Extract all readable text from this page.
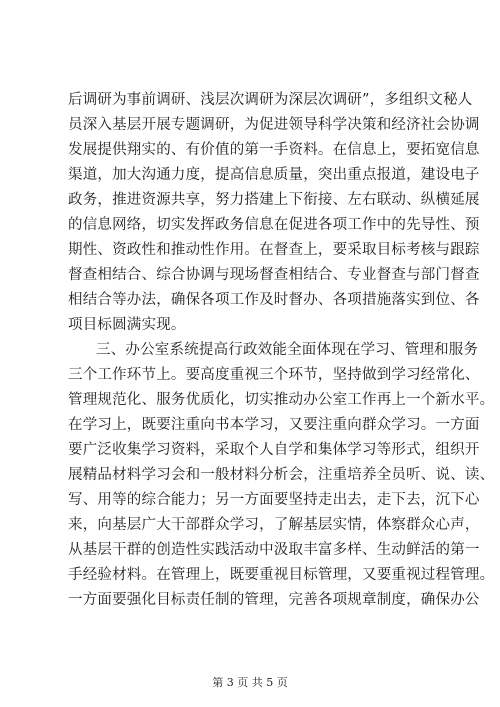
后调研为事前调研、浅层次调研为深层次调研”，多组织文秘人
员深入基层开展专题调研，为促进领导科学决策和经济社会协调
发展提供翔实的、有价值的第一手资料。在信息上，要拓宽信息
渠道，加大沟通力度，提高信息质量，突出重点报道，建设电子
政务，推进资源共享，努力搭建上下衔接、左右联动、纵横延展
的信息网络，切实发挥政务信息在促进各项工作中的先导性、预
期性、资政性和推动性作用。在督查上，要采取目标考核与跟踪
督查相结合、综合协调与现场督查相结合、专业督查与部门督查
相结合等办法，确保各项工作及时督办、各项措施落实到位、各
项目标圆满实现。
三、办公室系统提高行政效能全面体现在学习、管理和服务
三个工作环节上。要高度重视三个环节，坚持做到学习经常化、
管理规范化、服务优质化，切实推动办公室工作再上一个新水平。
在学习上，既要注重向书本学习，又要注重向群众学习。一方面
要广泛收集学习资料，采取个人自学和集体学习等形式，组织开
展精品材料学习会和一般材料分析会，注重培养全员听、说、读、
写、用等的综合能力；另一方面要坚持走出去，走下去，沉下心
来，向基层广大干部群众学习，了解基层实情，体察群众心声，
从基层干群的创造性实践活动中汲取丰富多样、生动鲜活的第一
手经验材料。在管理上，既要重视目标管理，又要重视过程管理。
一方面要强化目标责任制的管理，完善各项规章制度，确保办公
第 3 页 共 5 页
